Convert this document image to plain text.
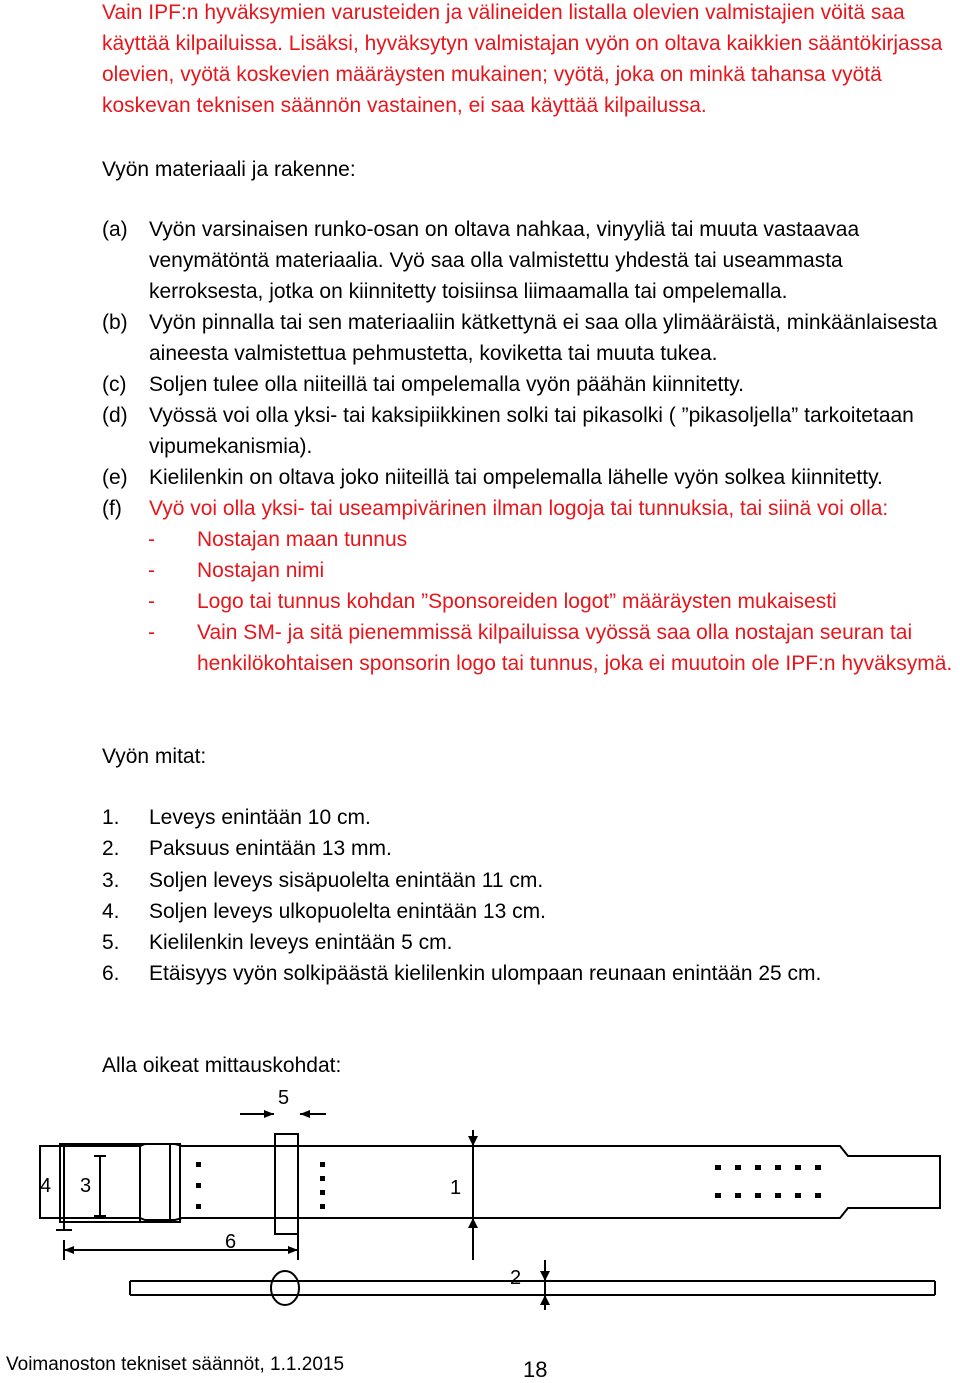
Vain IPF:n hyväksymien varusteiden ja välineiden listalla olevien valmistajien vöitä saa käyttää kilpailuissa. Lisäksi, hyväksytyn valmistajan vyön on oltava kaikkien sääntökirjassa olevien, vyötä koskevien määräysten mukainen; vyötä, joka on minkä tahansa vyötä koskevan teknisen säännön vastainen, ei saa käyttää kilpailussa.
Vyön materiaali ja rakenne:
(a) Vyön varsinaisen runko-osan on oltava nahkaa, vinyyliä tai muuta vastaavaa venymätöntä materiaalia. Vyö saa olla valmistettu yhdestä tai useammasta kerroksesta, jotka on kiinnitetty toisiinsa liimaamalla tai ompelemalla.
(b) Vyön pinnalla tai sen materiaaliin kätkettynä ei saa olla ylimääräistä, minkäänlaisesta aineesta valmistettua pehmustetta, koviketta tai muuta tukea.
(c) Soljen tulee olla niiteillä tai ompelemalla vyön päähän kiinnitetty.
(d) Vyössä voi olla yksi- tai kaksipiikkinen solki tai pikasolki ( ”pikasoljella” tarkoitetaan vipumekanismia).
(e) Kielilenkin on oltava joko niiteillä tai ompelemalla lähelle vyön solkea kiinnitetty.
(f) Vyö voi olla yksi- tai useampivärinen ilman logoja tai tunnuksia, tai siinä voi olla:
- Nostajan maan tunnus
- Nostajan nimi
- Logo tai tunnus kohdan ”Sponsoreiden logot” määräysten mukaisesti
- Vain SM- ja sitä pienemmissä kilpailuissa vyössä saa olla nostajan seuran tai henkilökohtaisen sponsorin logo tai tunnus, joka ei muutoin ole IPF:n hyväksymä.
Vyön mitat:
1. Leveys enintään 10 cm.
2. Paksuus enintään 13 mm.
3. Soljen leveys sisäpuolelta enintään 11 cm.
4. Soljen leveys ulkopuolelta enintään 13 cm.
5. Kielilenkin leveys enintään 5 cm.
6. Etäisyys vyön solkipäästä kielilenkin ulompaan reunaan enintään 25 cm.
Alla oikeat mittauskohdat:
5
4 3	1
6
2
Voimanoston tekniset säännöt, 1.1.2015	18
